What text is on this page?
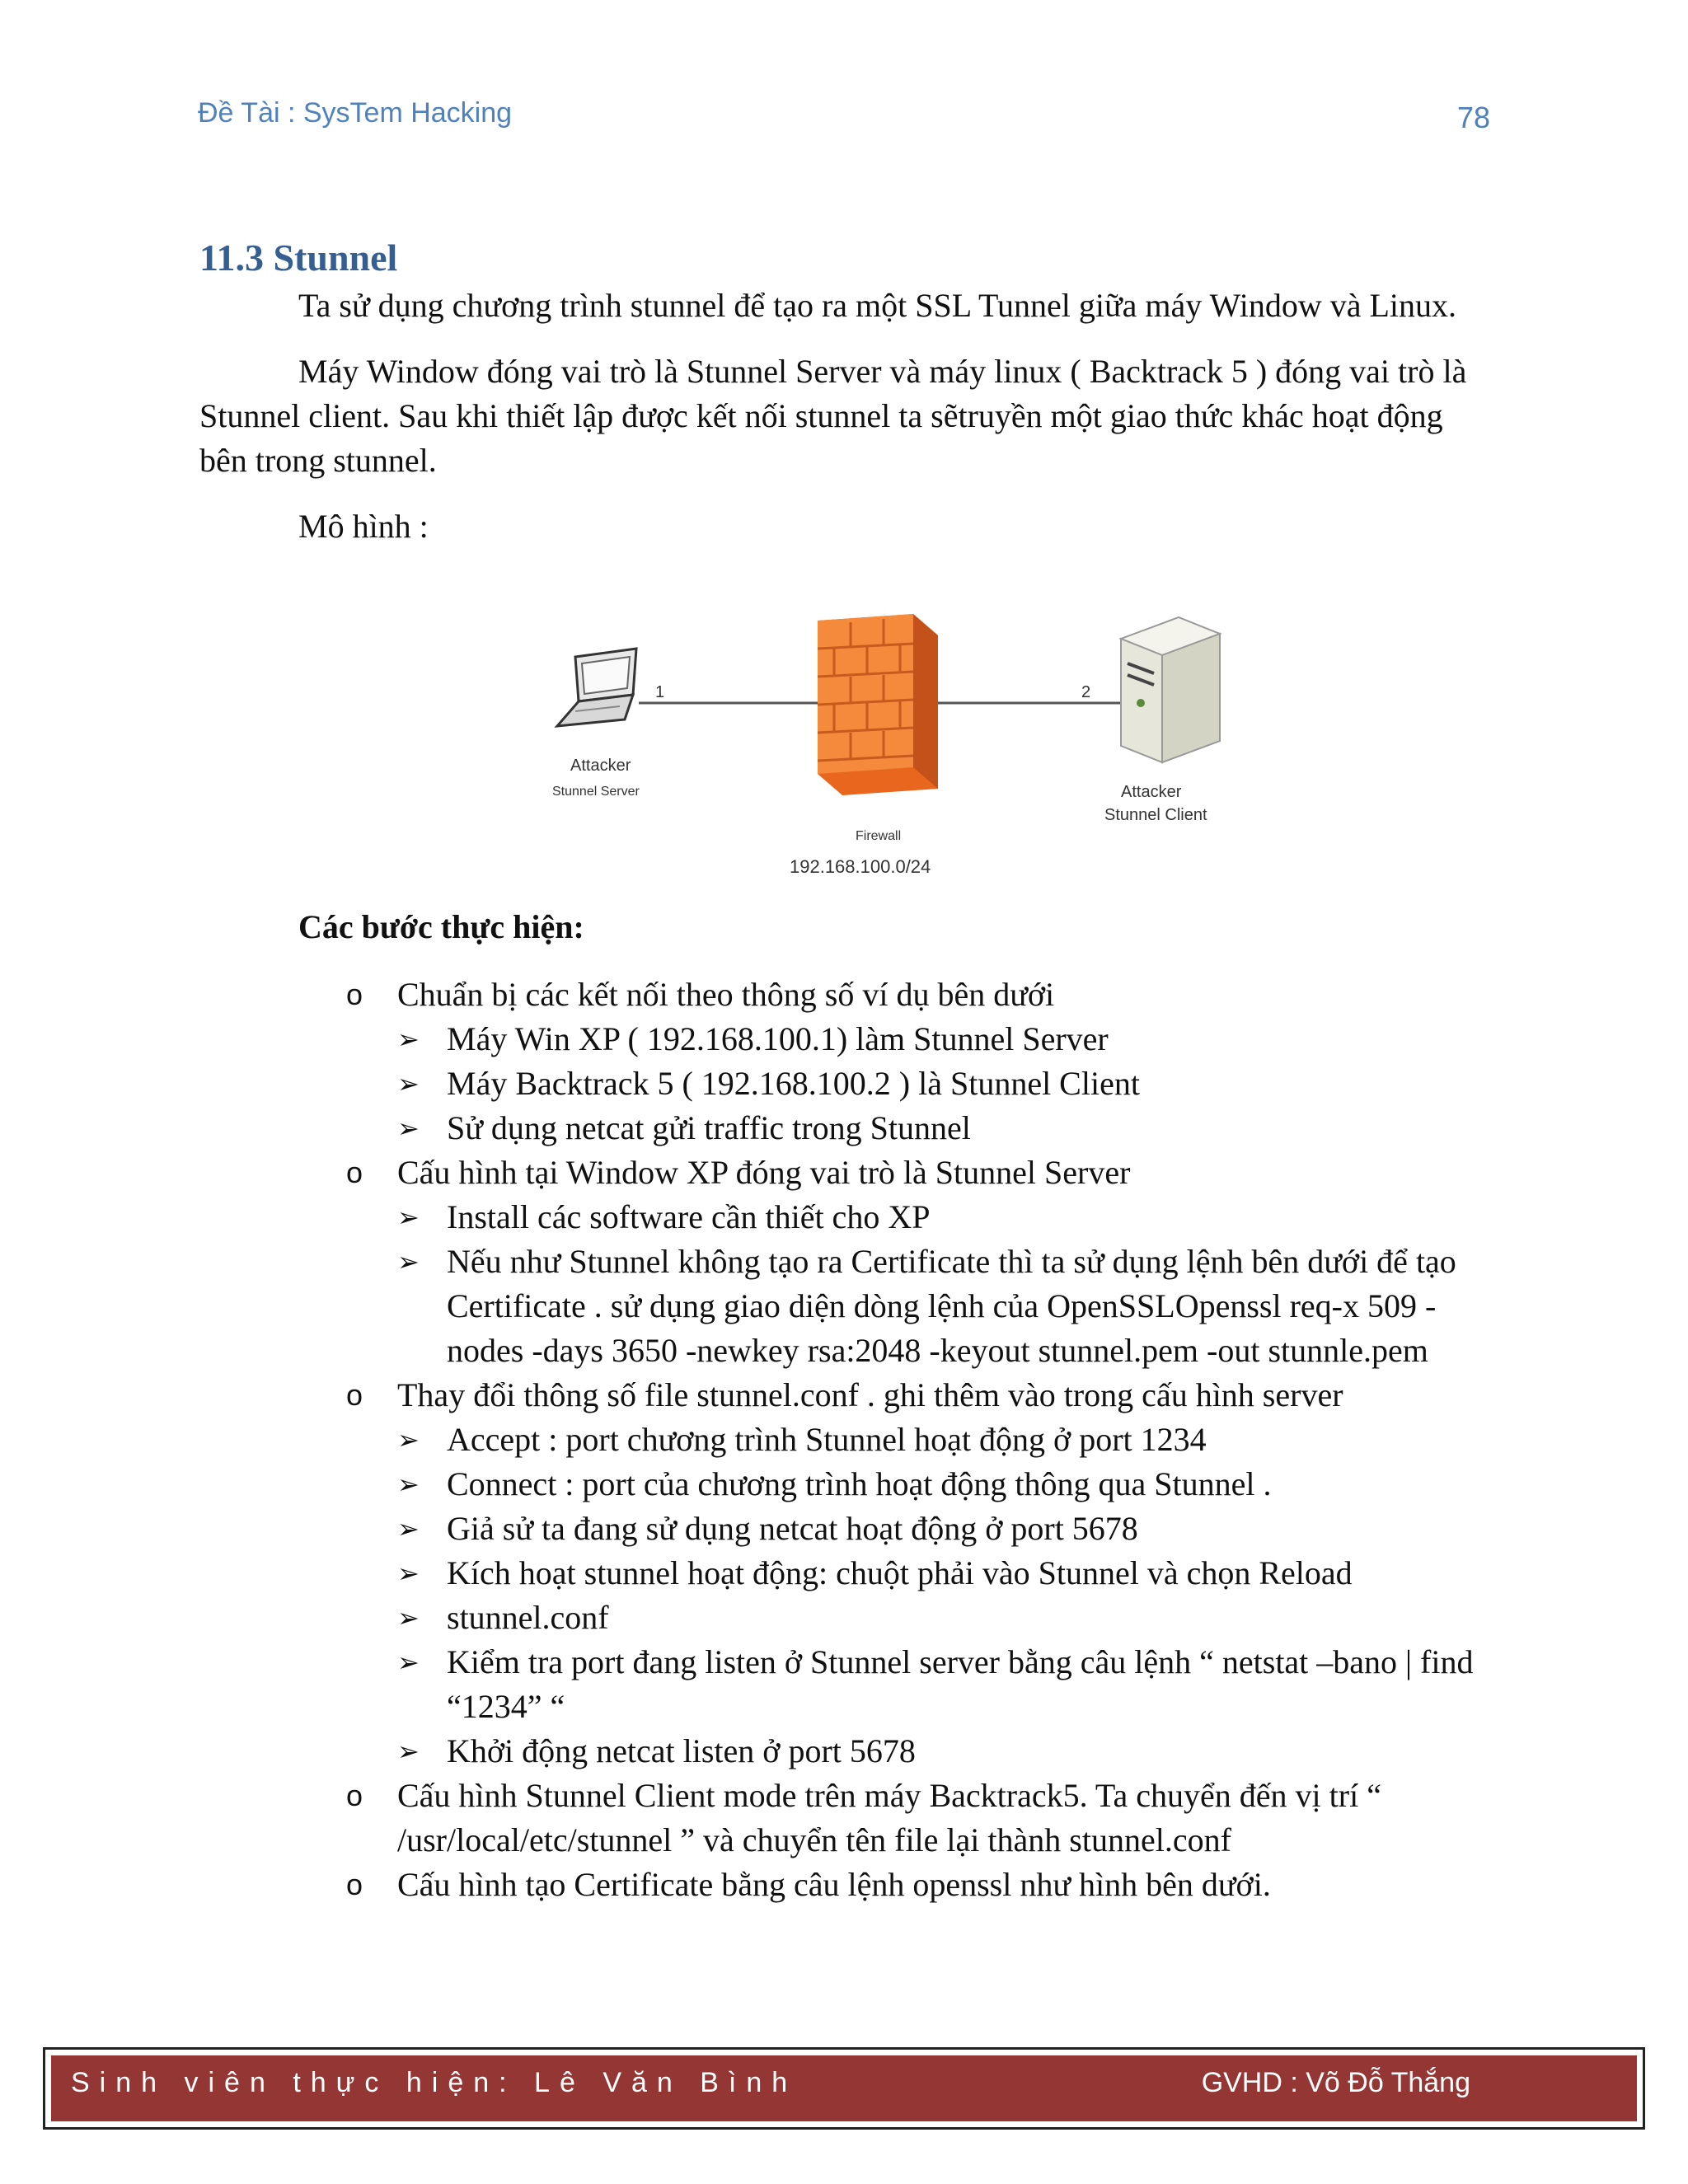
Đề Tài : SysTem Hacking	78
11.3 Stunnel

Ta sử dụng chương trình stunnel để tạo ra một SSL Tunnel giữa máy Window và Linux.

Máy Window đóng vai trò là Stunnel Server và máy linux ( Backtrack 5 ) đóng vai trò là Stunnel client. Sau khi thiết lập được kết nối stunnel ta sẽtruyền một giao thức khác hoạt động bên trong stunnel.

Mô hình :

1	2
Attacker
Stunnel Server
Firewall
192.168.100.0/24
Attacker
Stunnel Client
Các bước thực hiện:
o Chuẩn bị các kết nối theo thông số ví dụ bên dưới
➢ Máy Win XP ( 192.168.100.1) làm Stunnel Server
➢ Máy Backtrack 5 ( 192.168.100.2 ) là Stunnel Client
➢ Sử dụng netcat gửi traffic trong Stunnel
o Cấu hình tại Window XP đóng vai trò là Stunnel Server
➢ Install các software cần thiết cho XP
➢ Nếu như Stunnel không tạo ra Certificate thì ta sử dụng lệnh bên dưới để tạo Certificate . sử dụng giao diện dòng lệnh của OpenSSLOpenssl req-x 509 -nodes -days 3650 -newkey rsa:2048 -keyout stunnel.pem -out stunnle.pem
o Thay đổi thông số file stunnel.conf . ghi thêm vào trong cấu hình server
➢ Accept : port chương trình Stunnel hoạt động ở port 1234
➢ Connect : port của chương trình hoạt động thông qua Stunnel .
➢ Giả sử ta đang sử dụng netcat hoạt động ở port 5678
➢ Kích hoạt stunnel hoạt động: chuột phải vào Stunnel và chọn Reload
➢ stunnel.conf
➢ Kiểm tra port đang listen ở Stunnel server bằng câu lệnh “ netstat –bano | find “1234” “
➢ Khởi động netcat listen ở port 5678
o Cấu hình Stunnel Client mode trên máy Backtrack5. Ta chuyển đến vị trí “ /usr/local/etc/stunnel ” và chuyển tên file lại thành stunnel.conf
o Cấu hình tạo Certificate bằng câu lệnh openssl như hình bên dưới.
Sinh viên thực hiện: Lê Văn Bình	GVHD : Võ Đỗ Thắng
